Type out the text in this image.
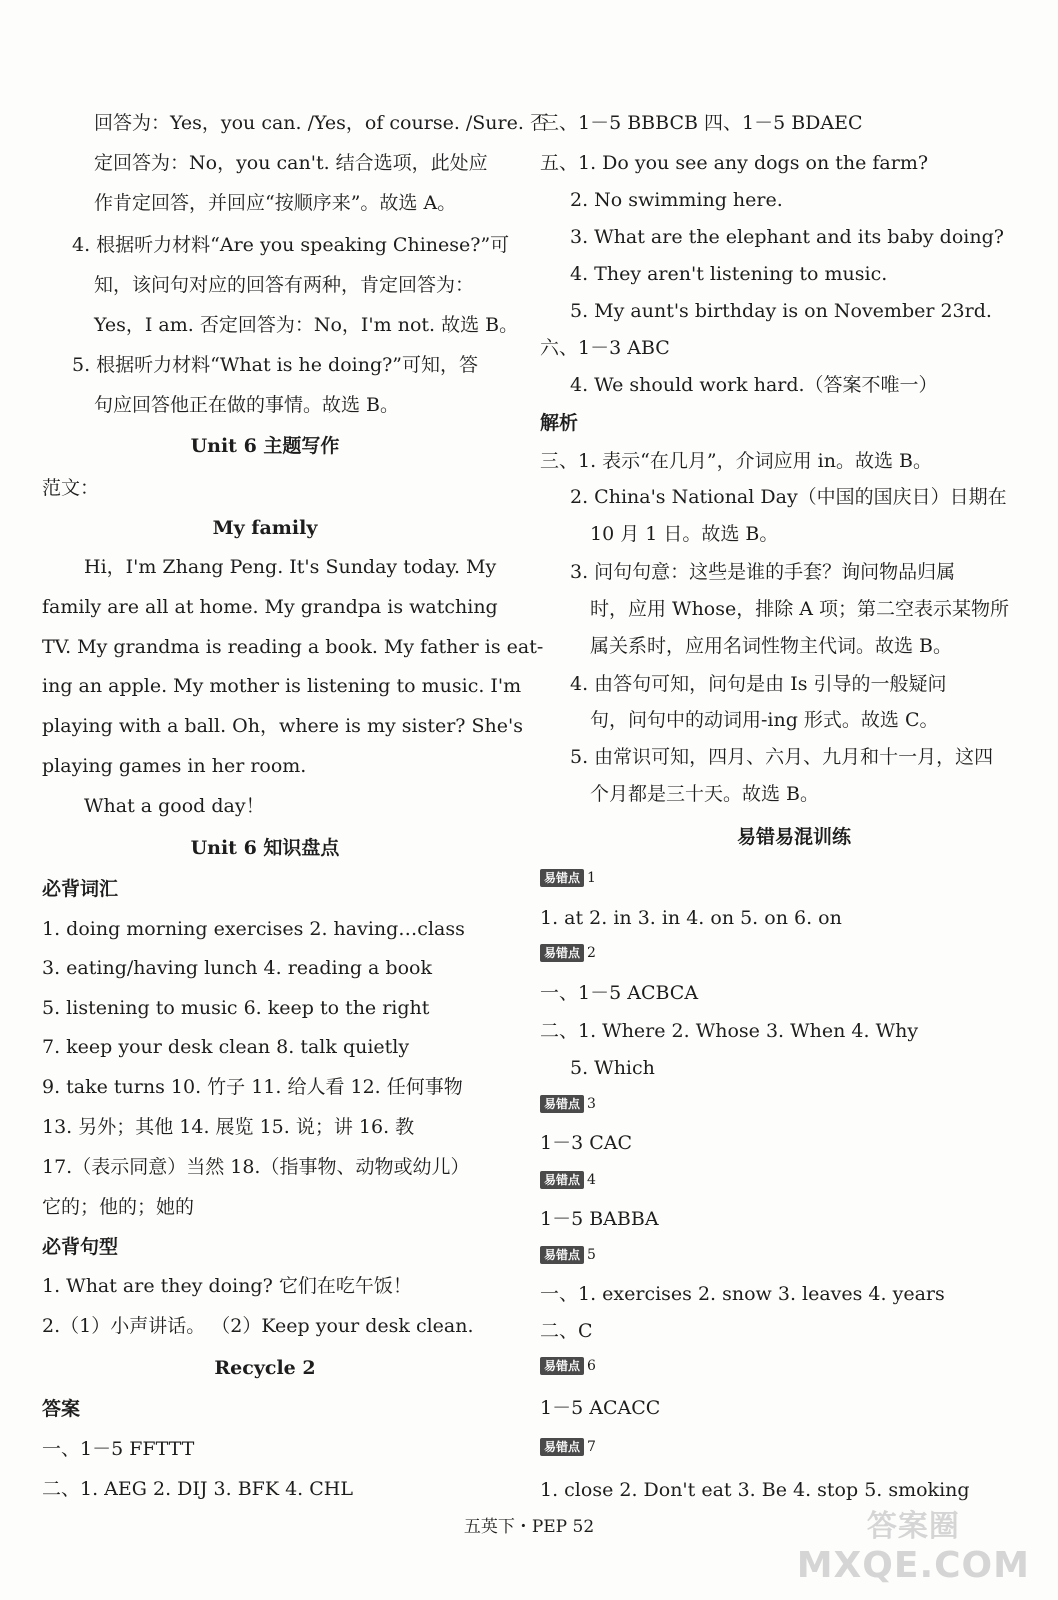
回答为：Yes，you can. /Yes，of course. /Sure. 否
定回答为：No，you can't. 结合选项，此处应
作肯定回答，并回应“按顺序来”。故选 A。
4. 根据听力材料“Are you speaking Chinese?”可
知，该问句对应的回答有两种，肯定回答为：
Yes，I am. 否定回答为：No，I'm not. 故选 B。
5. 根据听力材料“What is he doing?”可知，答
句应回答他正在做的事情。故选 B。
Unit 6 主题写作
范文：
My family
Hi，I'm Zhang Peng. It's Sunday today. My
family are all at home. My grandpa is watching
TV. My grandma is reading a book. My father is eat-
ing an apple. My mother is listening to music. I'm
playing with a ball. Oh，where is my sister? She's
playing games in her room.
What a good day！
Unit 6 知识盘点
必背词汇
1. doing morning exercises 2. having…class
3. eating/having lunch 4. reading a book
5. listening to music 6. keep to the right
7. keep your desk clean 8. talk quietly
9. take turns 10. 竹子 11. 给人看 12. 任何事物
13. 另外；其他 14. 展览 15. 说；讲 16. 教
17.（表示同意）当然 18.（指事物、动物或幼儿）
它的；他的；她的
必背句型
1. What are they doing? 它们在吃午饭！
2.（1）小声讲话。 （2）Keep your desk clean.
Recycle 2
答案
一、1－5 FFTTT
二、1. AEG 2. DIJ 3. BFK 4. CHL
三、1－5 BBBCB 四、1－5 BDAEC
五、1. Do you see any dogs on the farm?
2. No swimming here.
3. What are the elephant and its baby doing?
4. They aren't listening to music.
5. My aunt's birthday is on November 23rd.
六、1－3 ABC
4. We should work hard.（答案不唯一）
解析
三、1. 表示“在几月”，介词应用 in。故选 B。
2. China's National Day（中国的国庆日）日期在
10 月 1 日。故选 B。
3. 问句句意：这些是谁的手套？询问物品归属
时，应用 Whose，排除 A 项；第二空表示某物所
属关系时，应用名词性物主代词。故选 B。
4. 由答句可知，问句是由 Is 引导的一般疑问
句，问句中的动词用-ing 形式。故选 C。
5. 由常识可知，四月、六月、九月和十一月，这四
个月都是三十天。故选 B。
易错易混训练
易错点 1
1. at 2. in 3. in 4. on 5. on 6. on
易错点 2
一、1－5 ACBCA
二、1. Where 2. Whose 3. When 4. Why
5. Which
易错点 3
1－3 CAC
易错点 4
1－5 BABBA
易错点 5
一、1. exercises 2. snow 3. leaves 4. years
二、C
易错点 6
1－5 ACACC
易错点 7
1. close 2. Don't eat 3. Be 4. stop 5. smoking
五英下・PEP 52	答案圈
MXQE.COM
